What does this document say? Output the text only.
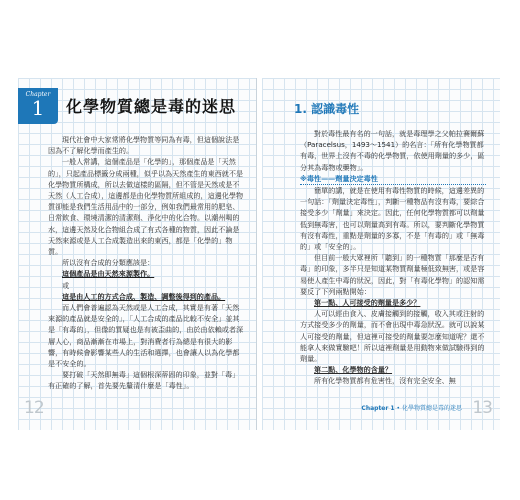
Chapter
1	化學物質總是毒的迷思

現代社會中大家常將化學物質等同為有毒，但這個說法是因為不了解化學而產生的。

一般人常講，這個產品是「化學的」，那個產品是「天然的」，只起產品標籤分成兩種，似乎以為天然產生的東西就不是化學物質所構成，所以去做這樣的區隔，但不管是天然或是不天然（人工合成），這邊都是由化學物質所組成的，這邊化學物質卻能是我們生活用品中的一部分，例如我們最常用的肥皂、日常飲食、環境清潔的清潔劑、淨化中的化合物。以潮州喝的水，這邊天然及化合物組合成了有式各種的物質，因此不論是天然來源或是人工合成製造出來的東西，都是「化學的」物質。

所以沒有合成的分類應該是：

這個產品是由天然來源製作。

或

這是由人工的方式合成、製造、調整後得到的產品。

而人們會普遍認為天然或是人工合成，其實是有著「天然來源的產品就是安全的」，「人工合成的產品比較不安全」並其是「有毒的」，但像的質疑也是有被歪曲的，由於由依賴或者深層人心，商品漸漸在市場上，對消費者行為總是有很大的影響，有時候會影響某些人的生活和選擇，也會讓人以為化學都是不安全的。

要打破「天然即無毒」這個根深蒂固的印象，並對「毒」有正確的了解，首先要先釐清什麼是「毒性」。

12
1. 認識毒性

對於毒性最有名的一句話，就是毒理學之父帕拉賽爾蘇（Paracelsus，1493～1541）的名言：「所有化學物質都有毒，世界上沒有不毒的化學物質，依使用劑量的多少，區分其為毒物或藥物」。

※毒性——劑量決定毒性

簡單的講，就是在使用有毒性物質的時候，這邊差異的一句話：「劑量決定毒性」，判斷一種物品有沒有毒，要綜合接受多少「劑量」來決定。因此，任何化學物質都可以劑量低到無毒害，也可以劑量高到有毒。所以，要判斷化學物質有沒有毒性，重點是劑量的多寡，不是「有毒的」或「無毒的」或「安全的」。

但目前一般大眾裡所「聽到」的一種物質「那麼是否有毒」的印象，多半只是知道某物質劑量極低致無害，或是容易使人產生中毒的狀況，因此，對「有毒化學物」的認知需要反了下列兩點開始：

第一點、人可接受的劑量是多少？

人可以經由食入、皮膚接觸到的接觸，收入其或注射的方式接受多少的劑量，而不會出現中毒急狀況。就可以說某人可接受的劑量，但這裡可接受的劑量要怎麼知道呢？還不能拿人來做實驗吧！所以這裡劑量是用動物來做試驗得到的劑量。

第二點、化學物的含量？

所有化學物質都有危害性，沒有完全安全、無

Chapter 1 • 化學物質總是毒的迷思 13
